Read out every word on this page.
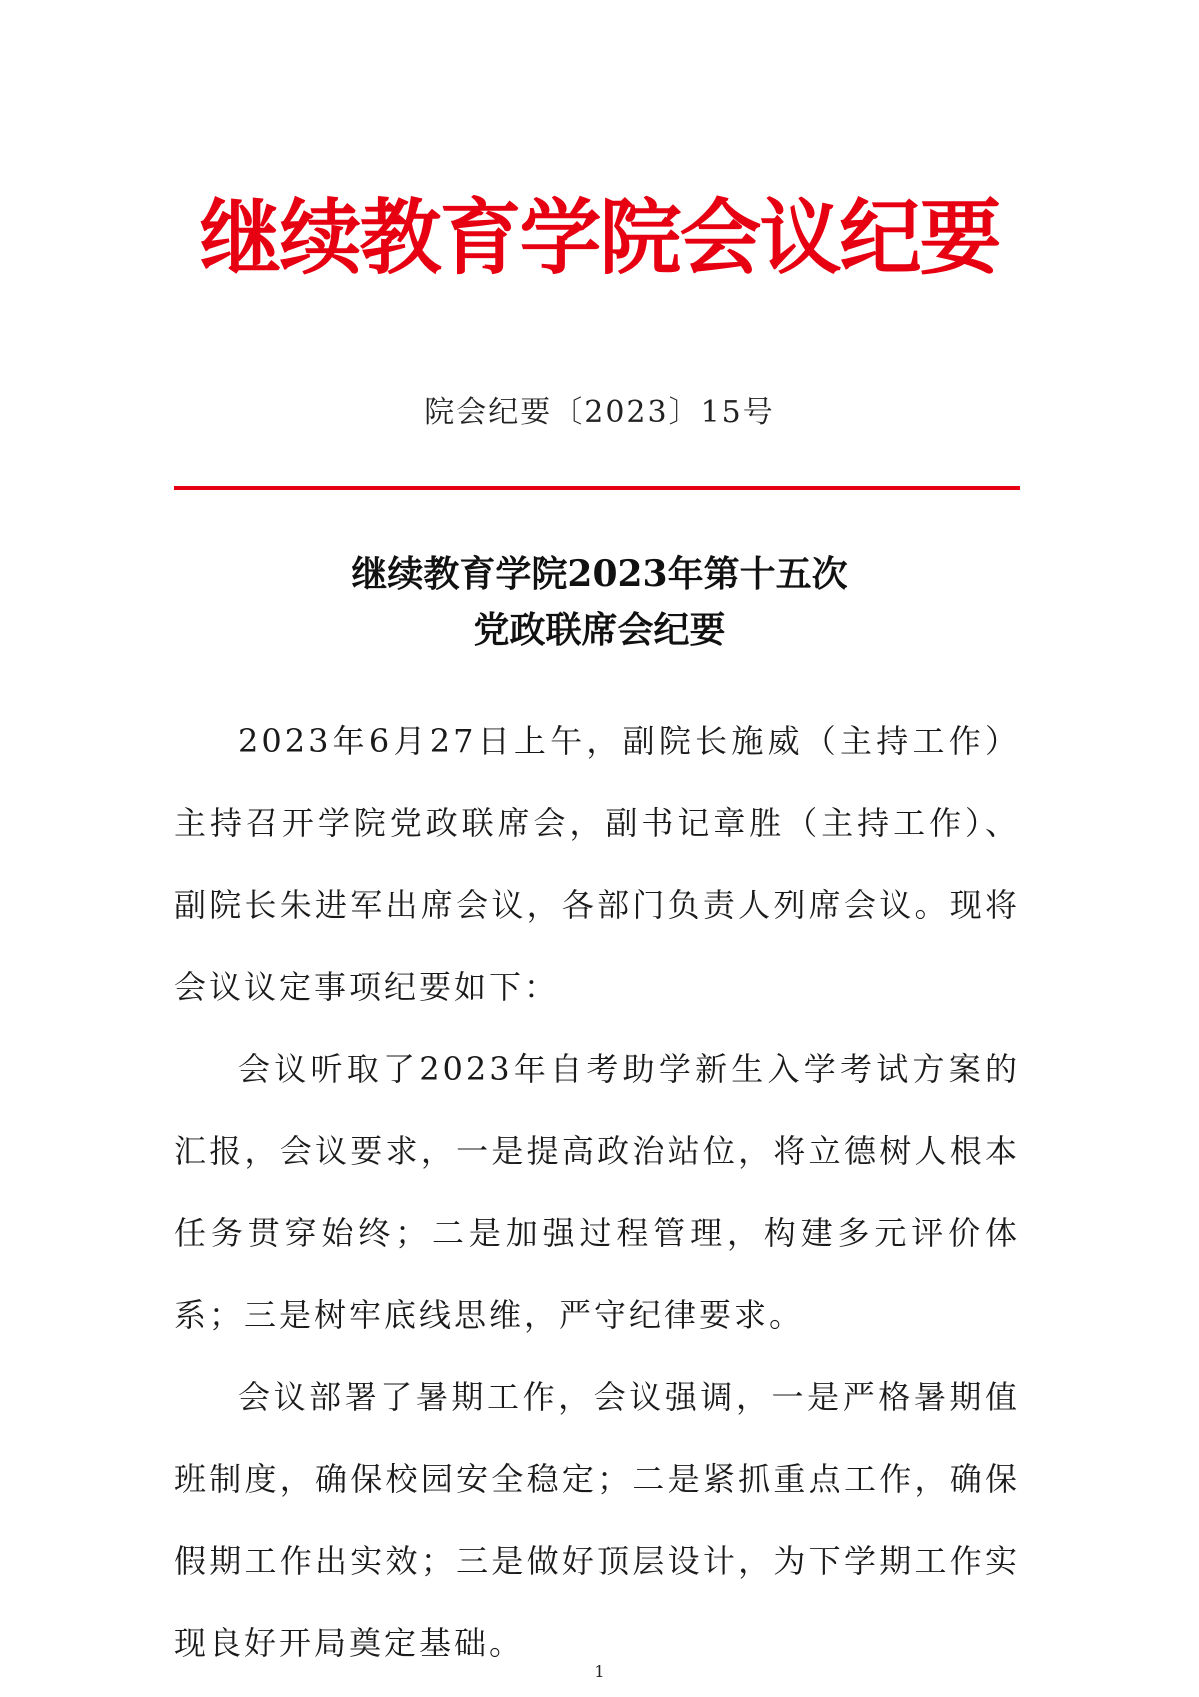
继续教育学院会议纪要
院会纪要〔2023〕15号
继续教育学院2023年第十五次
党政联席会纪要

2023年6月27日上午，副院长施威（主持工作）主持召开学院党政联席会，副书记章胜（主持工作）、副院长朱进军出席会议，各部门负责人列席会议。现将会议议定事项纪要如下：

会议听取了2023年自考助学新生入学考试方案的汇报，会议要求，一是提高政治站位，将立德树人根本任务贯穿始终；二是加强过程管理，构建多元评价体系；三是树牢底线思维，严守纪律要求。

会议部署了暑期工作，会议强调，一是严格暑期值班制度，确保校园安全稳定；二是紧抓重点工作，确保假期工作出实效；三是做好顶层设计，为下学期工作实现良好开局奠定基础。

1
